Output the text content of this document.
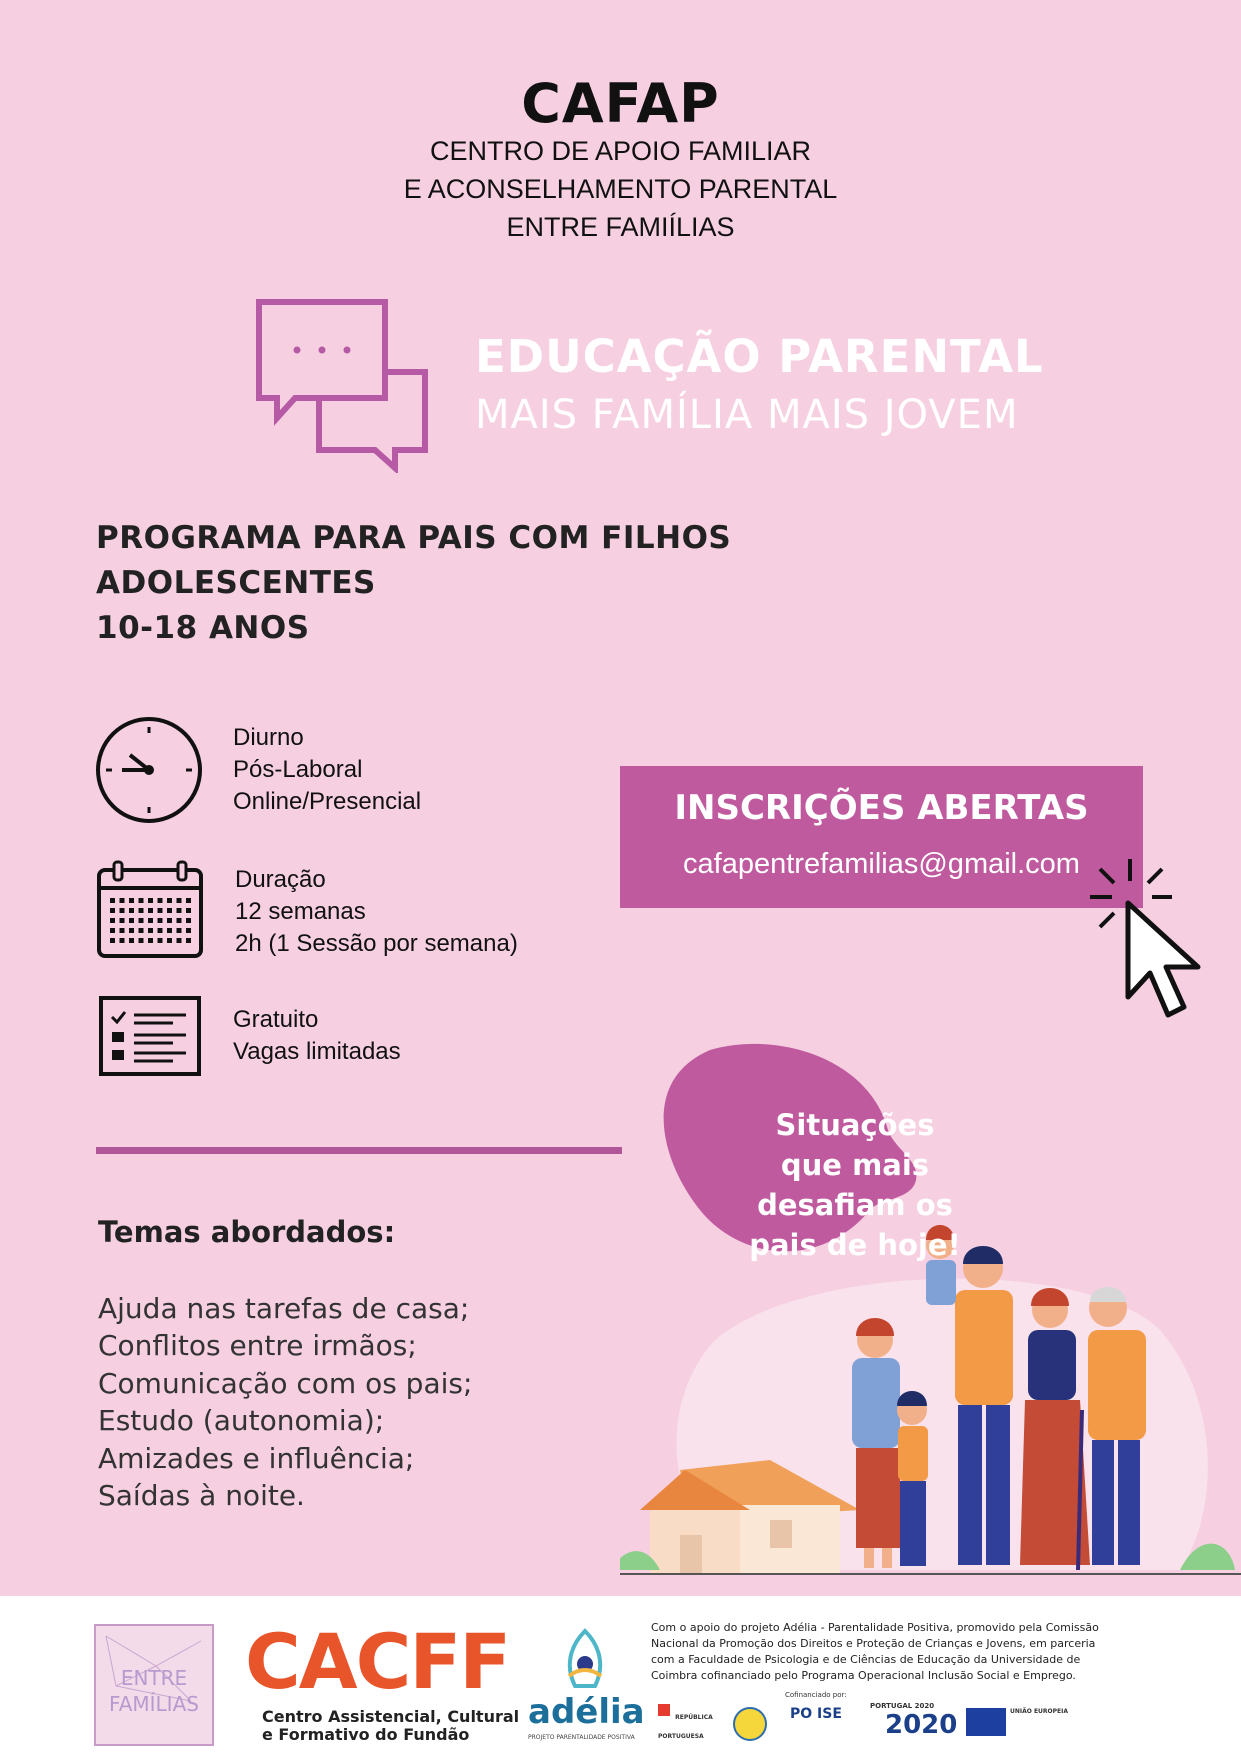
CAFAP
CENTRO DE APOIO FAMILIAR
E ACONSELHAMENTO PARENTAL
ENTRE FAMIÍLIAS
EDUCAÇÃO PARENTAL
MAIS FAMÍLIA MAIS JOVEM
PROGRAMA PARA PAIS COM FILHOS
ADOLESCENTES
10-18 ANOS
Diurno
Pós-Laboral
Online/Presencial
Duração
12 semanas
2h (1 Sessão por semana)
Gratuito
Vagas limitadas
INSCRIÇÕES ABERTAS
cafapentrefamilias@gmail.com
Temas abordados:
Ajuda nas tarefas de casa;
Conflitos entre irmãos;
Comunicação com os pais;
Estudo (autonomia);
Amizades e influência;
Saídas à noite.
Situações
que mais
desafiam os
pais de hoje!
ENTRE
FAMÍLIAS CACFF
Centro Assistencial, Cultural
e Formativo do Fundão
adélia
PROJETO PARENTALIDADE POSITIVA
Com o apoio do projeto Adélia - Parentalidade Positiva, promovido pela Comissão
Nacional da Promoção dos Direitos e Proteção de Crianças e Jovens, em parceria
com a Faculdade de Psicologia e de Ciências de Educação da Universidade de
Coimbra cofinanciado pelo Programa Operacional Inclusão Social e Emprego.
Cofinanciado por:
REPÚBLICA PORTUGUESA
PO ISE	PORTUGAL 2020
2020	UNIÃO EUROPEIA
